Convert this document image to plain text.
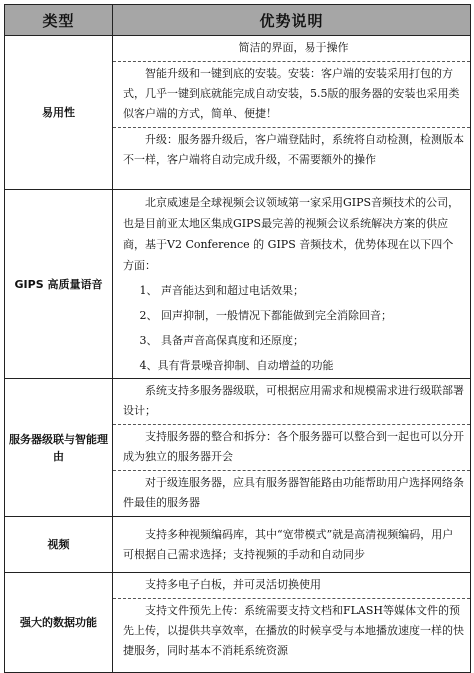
类型	优势说明
易用性	简洁的界面，易于操作
智能升级和一键到底的安装。安装：客户端的安装采用打包的方式，几乎一键到底就能完成自动安装，5.5版的服务器的安装也采用类似客户端的方式，简单、便捷！
升级：服务器升级后，客户端登陆时，系统将自动检测，检测版本不一样，客户端将自动完成升级，不需要额外的操作

GIPS 高质量语音	北京威速是全球视频会议领域第一家采用GIPS音频技术的公司，也是目前亚太地区集成GIPS最完善的视频会议系统解决方案的供应商，基于V2 Conference 的 GIPS 音频技术，优势体现在以下四个方面：
1、 声音能达到和超过电话效果；
2、 回声抑制，一般情况下都能做到完全消除回音；
3、 具备声音高保真度和还原度；
4、具有背景噪音抑制、自动增益的功能

服务器级联与智能理由	系统支持多服务器级联，可根据应用需求和规模需求进行级联部署设计；
支持服务器的整合和拆分：各个服务器可以整合到一起也可以分开成为独立的服务器开会
对于级连服务器，应具有服务器智能路由功能帮助用户选择网络条件最佳的服务器

视频	支持多种视频编码库，其中“宽带模式”就是高清视频编码，用户可根据自己需求选择；支持视频的手动和自动同步
强大的数据功能	支持多电子白板，并可灵活切换使用
支持文件预先上传：系统需要支持文档和FLASH等媒体文件的预先上传，以提供共享效率，在播放的时候享受与本地播放速度一样的快捷服务，同时基本不消耗系统资源
